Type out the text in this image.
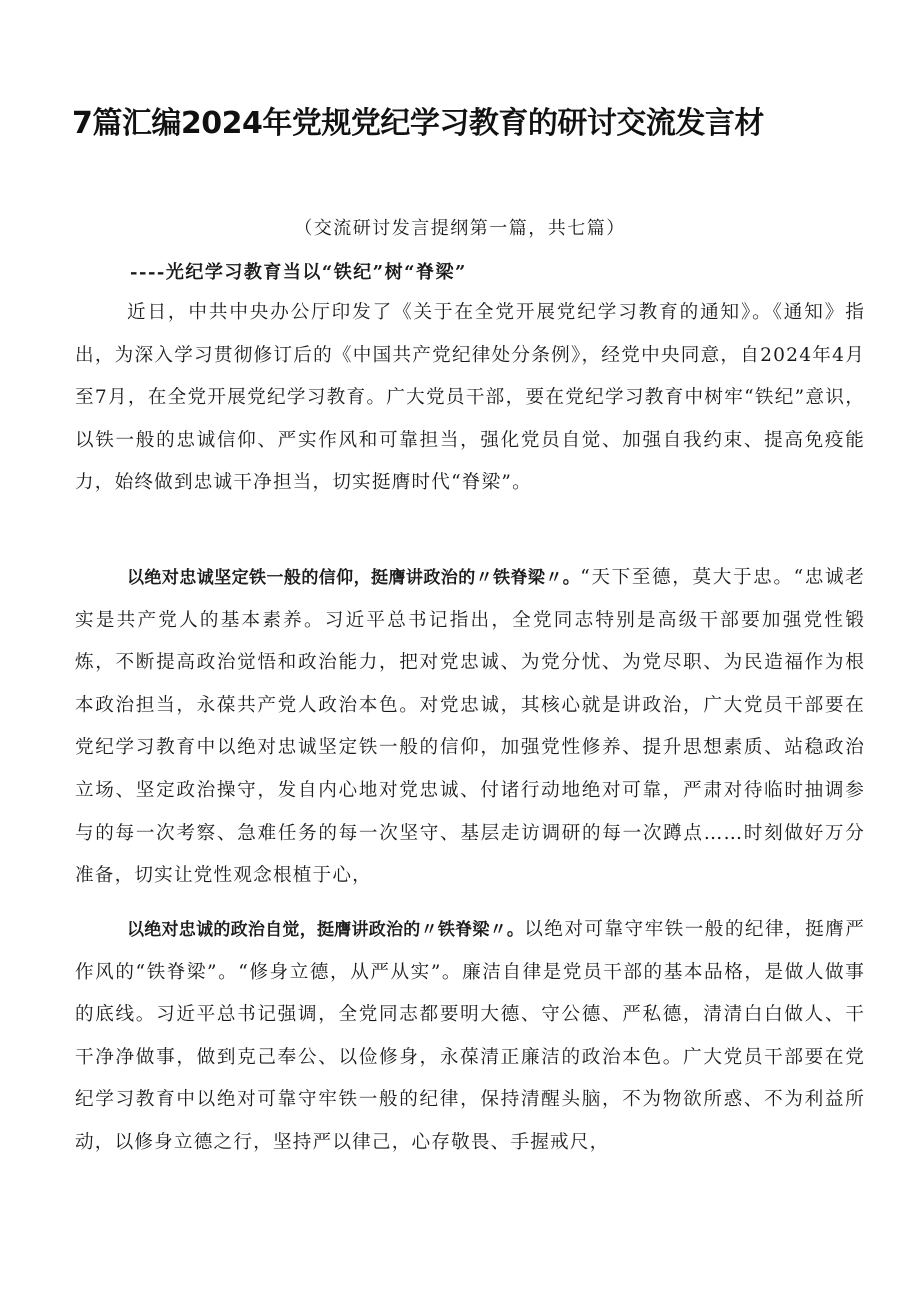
7篇汇编2024年党规党纪学习教育的研讨交流发言材
（交流研讨发言提纲第一篇，共七篇）
----光纪学习教育当以“铁纪”树“脊梁”

近日，中共中央办公厅印发了《关于在全党开展党纪学习教育的通知》。《通知》指出，为深入学习贯彻修订后的《中国共产党纪律处分条例》，经党中央同意，自2024年4月至7月，在全党开展党纪学习教育。广大党员干部，要在党纪学习教育中树牢“铁纪”意识，以铁一般的忠诚信仰、严实作风和可靠担当，强化党员自觉、加强自我约束、提高免疫能力，始终做到忠诚干净担当，切实挺膺时代“脊梁”。

以绝对忠诚坚定铁一般的信仰，挺膺讲政治的〃铁脊梁〃。“天下至德，莫大于忠。“忠诚老实是共产党人的基本素养。习近平总书记指出，全党同志特别是高级干部要加强党性锻炼，不断提高政治觉悟和政治能力，把对党忠诚、为党分忧、为党尽职、为民造福作为根本政治担当，永葆共产党人政治本色。对党忠诚，其核心就是讲政治，广大党员干部要在党纪学习教育中以绝对忠诚坚定铁一般的信仰，加强党性修养、提升思想素质、站稳政治立场、坚定政治操守，发自内心地对党忠诚、付诸行动地绝对可靠，严肃对待临时抽调参与的每一次考察、急难任务的每一次坚守、基层走访调研的每一次蹲点……时刻做好万分准备，切实让党性观念根植于心，

以绝对忠诚的政治自觉，挺膺讲政治的〃铁脊梁〃。以绝对可靠守牢铁一般的纪律，挺膺严作风的“铁脊梁”。“修身立德，从严从实”。廉洁自律是党员干部的基本品格，是做人做事的底线。习近平总书记强调，全党同志都要明大德、守公德、严私德，清清白白做人、干干净净做事，做到克己奉公、以俭修身，永葆清正廉洁的政治本色。广大党员干部要在党纪学习教育中以绝对可靠守牢铁一般的纪律，保持清醒头脑，不为物欲所惑、不为利益所动，以修身立德之行，坚持严以律己，心存敬畏、手握戒尺，
